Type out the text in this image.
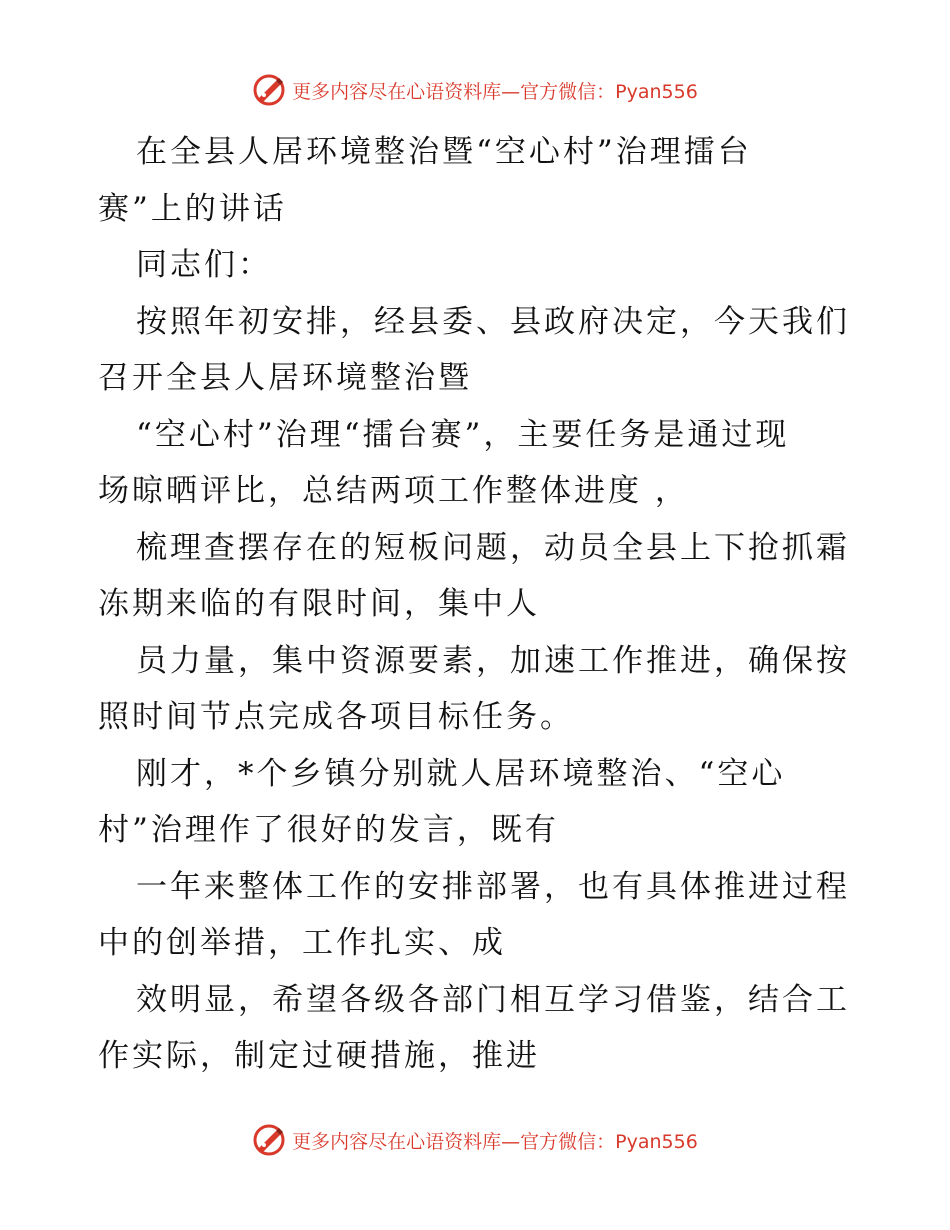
更多内容尽在心语资料库—官方微信：Pyan556
在全县人居环境整治暨“空心村”治理擂台
赛”上的讲话
同志们：
按照年初安排，经县委、县政府决定，今天我们
召开全县人居环境整治暨
“空心村”治理“擂台赛”，主要任务是通过现
场晾晒评比，总结两项工作整体进度 ，
梳理查摆存在的短板问题，动员全县上下抢抓霜
冻期来临的有限时间，集中人
员力量，集中资源要素，加速工作推进，确保按
照时间节点完成各项目标任务。
刚才，*个乡镇分别就人居环境整治、“空心
村”治理作了很好的发言，既有
一年来整体工作的安排部署，也有具体推进过程
中的创举措，工作扎实、成
效明显，希望各级各部门相互学习借鉴，结合工
作实际，制定过硬措施，推进
更多内容尽在心语资料库—官方微信：Pyan556
